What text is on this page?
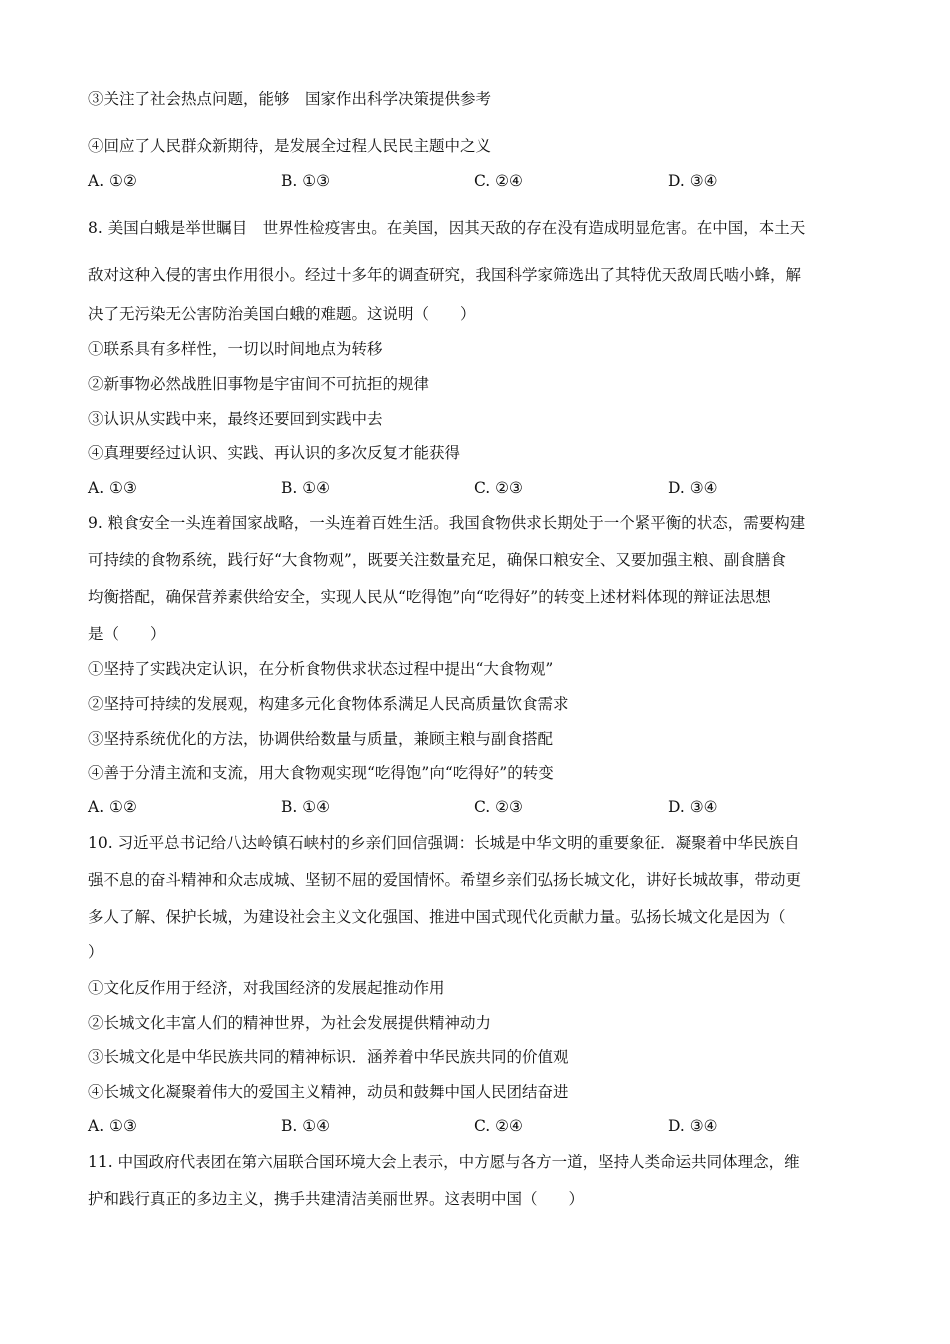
③关注了社会热点问题，能够　国家作出科学决策提供参考
④回应了人民群众新期待，是发展全过程人民民主题中之义
A. ①②	B. ①③	C. ②④	D. ③④
8. 美国白蛾是举世瞩目　世界性检疫害虫。在美国，因其天敌的存在没有造成明显危害。在中国，本土天
敌对这种入侵的害虫作用很小。经过十多年的调查研究，我国科学家筛选出了其特优天敌周氏啮小蜂，解
决了无污染无公害防治美国白蛾的难题。这说明（　　）
①联系具有多样性，一切以时间地点为转移
②新事物必然战胜旧事物是宇宙间不可抗拒的规律
③认识从实践中来，最终还要回到实践中去
④真理要经过认识、实践、再认识的多次反复才能获得
A. ①③	B. ①④	C. ②③	D. ③④
9. 粮食安全一头连着国家战略，一头连着百姓生活。我国食物供求长期处于一个紧平衡的状态，需要构建
可持续的食物系统，践行好“大食物观”，既要关注数量充足，确保口粮安全、又要加强主粮、副食膳食
均衡搭配，确保营养素供给安全，实现人民从“吃得饱”向“吃得好”的转变上述材料体现的辩证法思想
是（　　）
①坚持了实践决定认识，在分析食物供求状态过程中提出“大食物观”
②坚持可持续的发展观，构建多元化食物体系满足人民高质量饮食需求
③坚持系统优化的方法，协调供给数量与质量，兼顾主粮与副食搭配
④善于分清主流和支流，用大食物观实现“吃得饱”向“吃得好”的转变
A. ①②	B. ①④	C. ②③	D. ③④
10. 习近平总书记给八达岭镇石峡村的乡亲们回信强调：长城是中华文明的重要象征．凝聚着中华民族自
强不息的奋斗精神和众志成城、坚韧不屈的爱国情怀。希望乡亲们弘扬长城文化，讲好长城故事，带动更
多人了解、保护长城，为建设社会主义文化强国、推进中国式现代化贡献力量。弘扬长城文化是因为（
）
①文化反作用于经济，对我国经济的发展起推动作用
②长城文化丰富人们的精神世界，为社会发展提供精神动力
③长城文化是中华民族共同的精神标识．涵养着中华民族共同的价值观
④长城文化凝聚着伟大的爱国主义精神，动员和鼓舞中国人民团结奋进
A. ①③	B. ①④	C. ②④	D. ③④
11. 中国政府代表团在第六届联合国环境大会上表示，中方愿与各方一道，坚持人类命运共同体理念，维
护和践行真正的多边主义，携手共建清洁美丽世界。这表明中国（　　）
